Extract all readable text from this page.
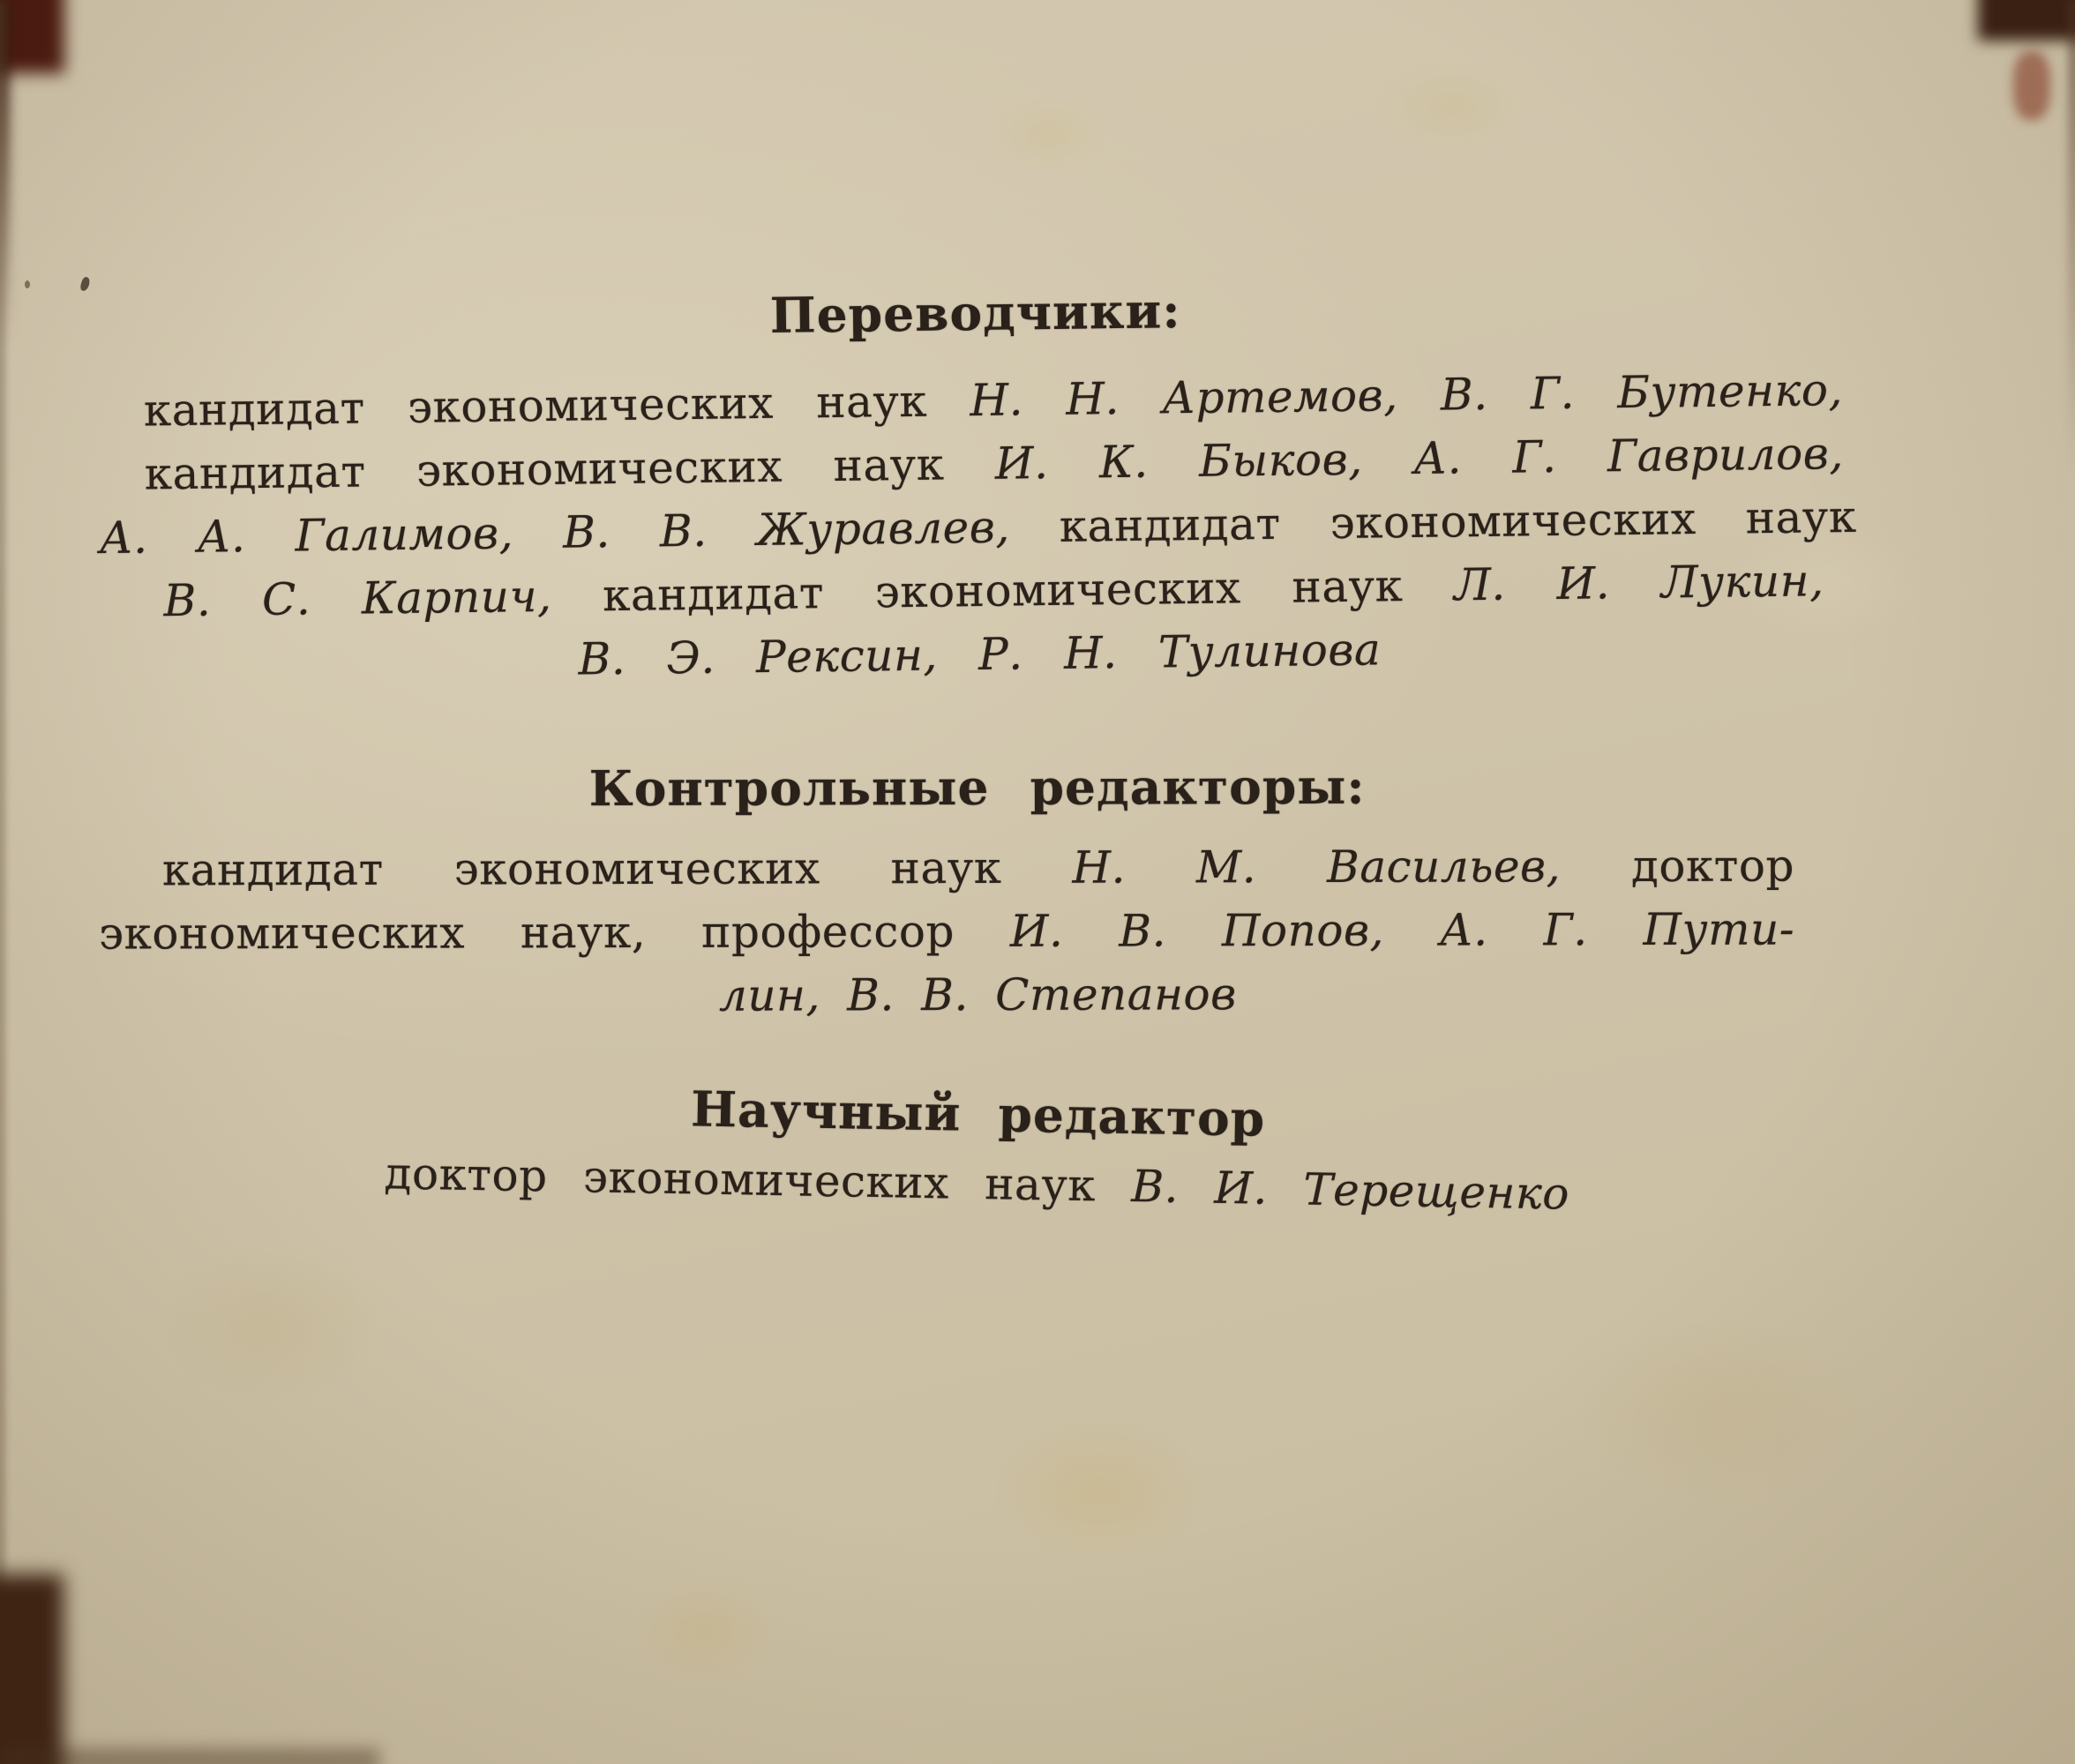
Переводчики:
кандидат экономических наук Н. Н. Артемов, В. Г. Бутенко,
кандидат экономических наук И. К. Быков, А. Г. Гаврилов,
А. А. Галимов, В. В. Журавлев, кандидат экономических наук
В. С. Карпич, кандидат экономических наук Л. И. Лукин,
В. Э. Рексин, Р. Н. Тулинова
Контрольные редакторы:
кандидат экономических наук Н. М. Васильев, доктор
экономических наук, профессор И. В. Попов, А. Г. Пути-
лин, В. В. Степанов
Научный редактор
доктор экономических наук В. И. Терещенко
